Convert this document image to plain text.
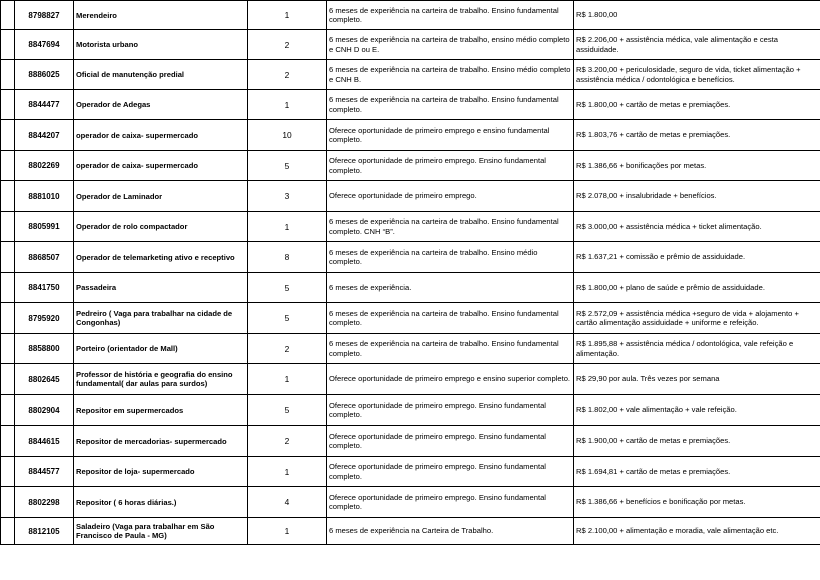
	8798827	Merendeiro	1	6 meses de experiência na carteira de trabalho. Ensino fundamental completo.	R$ 1.800,00
	8847694	Motorista urbano	2	6 meses de experiência na carteira de trabalho, ensino médio completo e CNH D ou E.	R$ 2.206,00 + assistência médica, vale alimentação e cesta assiduidade.
	8886025	Oficial de manutenção predial	2	6 meses de experiência na carteira de trabalho. Ensino médio completo e CNH B.	R$ 3.200,00 + periculosidade, seguro de vida, ticket alimentação + assistência médica / odontológica e benefícios.
	8844477	Operador de Adegas	1	6 meses de experiência na carteira de trabalho. Ensino fundamental completo.	R$ 1.800,00 + cartão de metas e premiações.
	8844207	operador de caixa- supermercado	10	Oferece oportunidade de primeiro emprego e ensino fundamental completo.	R$ 1.803,76 + cartão de metas e premiações.
	8802269	operador de caixa- supermercado	5	Oferece oportunidade de primeiro emprego. Ensino fundamental completo.	R$ 1.386,66 + bonificações por metas.
	8881010	Operador de Laminador	3	Oferece oportunidade de primeiro emprego.	R$ 2.078,00 + insalubridade + benefícios.
	8805991	Operador de rolo compactador	1	6 meses de experiência na carteira de trabalho. Ensino fundamental completo. CNH “B”.	R$ 3.000,00 + assistência médica + ticket alimentação.
	8868507	Operador de telemarketing ativo e receptivo	8	6 meses de experiência na carteira de trabalho. Ensino médio completo.	R$ 1.637,21 + comissão e prêmio de assiduidade.
	8841750	Passadeira	5	6 meses de experiência.	R$ 1.800,00 + plano de saúde e prêmio de assiduidade.
	8795920	Pedreiro ( Vaga para trabalhar na cidade de Congonhas)	5	6 meses de experiência na carteira de trabalho. Ensino fundamental completo.	R$ 2.572,09 + assistência médica +seguro de vida + alojamento + cartão alimentação assiduidade + uniforme e refeição.
	8858800	Porteiro (orientador de Mall)	2	6 meses de experiência na carteira de trabalho. Ensino fundamental completo.	R$ 1.895,88 + assistência médica / odontológica, vale refeição e alimentação.
	8802645	Professor de história e geografia do ensino fundamental( dar aulas para surdos)	1	Oferece oportunidade de primeiro emprego e ensino superior completo.	R$ 29,90 por aula. Três vezes por semana
	8802904	Repositor em supermercados	5	Oferece oportunidade de primeiro emprego. Ensino fundamental completo.	R$ 1.802,00 + vale alimentação + vale refeição.
	8844615	Repositor de mercadorias- supermercado	2	Oferece oportunidade de primeiro emprego. Ensino fundamental completo.	R$ 1.900,00 + cartão de metas e premiações.
	8844577	Repositor de loja- supermercado	1	Oferece oportunidade de primeiro emprego. Ensino fundamental completo.	R$ 1.694,81 + cartão de metas e premiações.
	8802298	Repositor ( 6 horas diárias.)	4	Oferece oportunidade de primeiro emprego. Ensino fundamental completo.	R$ 1.386,66 + benefícios e bonificação por metas.
	8812105	Saladeiro (Vaga para trabalhar em São Francisco de Paula - MG)	1	6 meses de experiência na Carteira de Trabalho.	R$ 2.100,00 + alimentação e moradia, vale alimentação etc.
